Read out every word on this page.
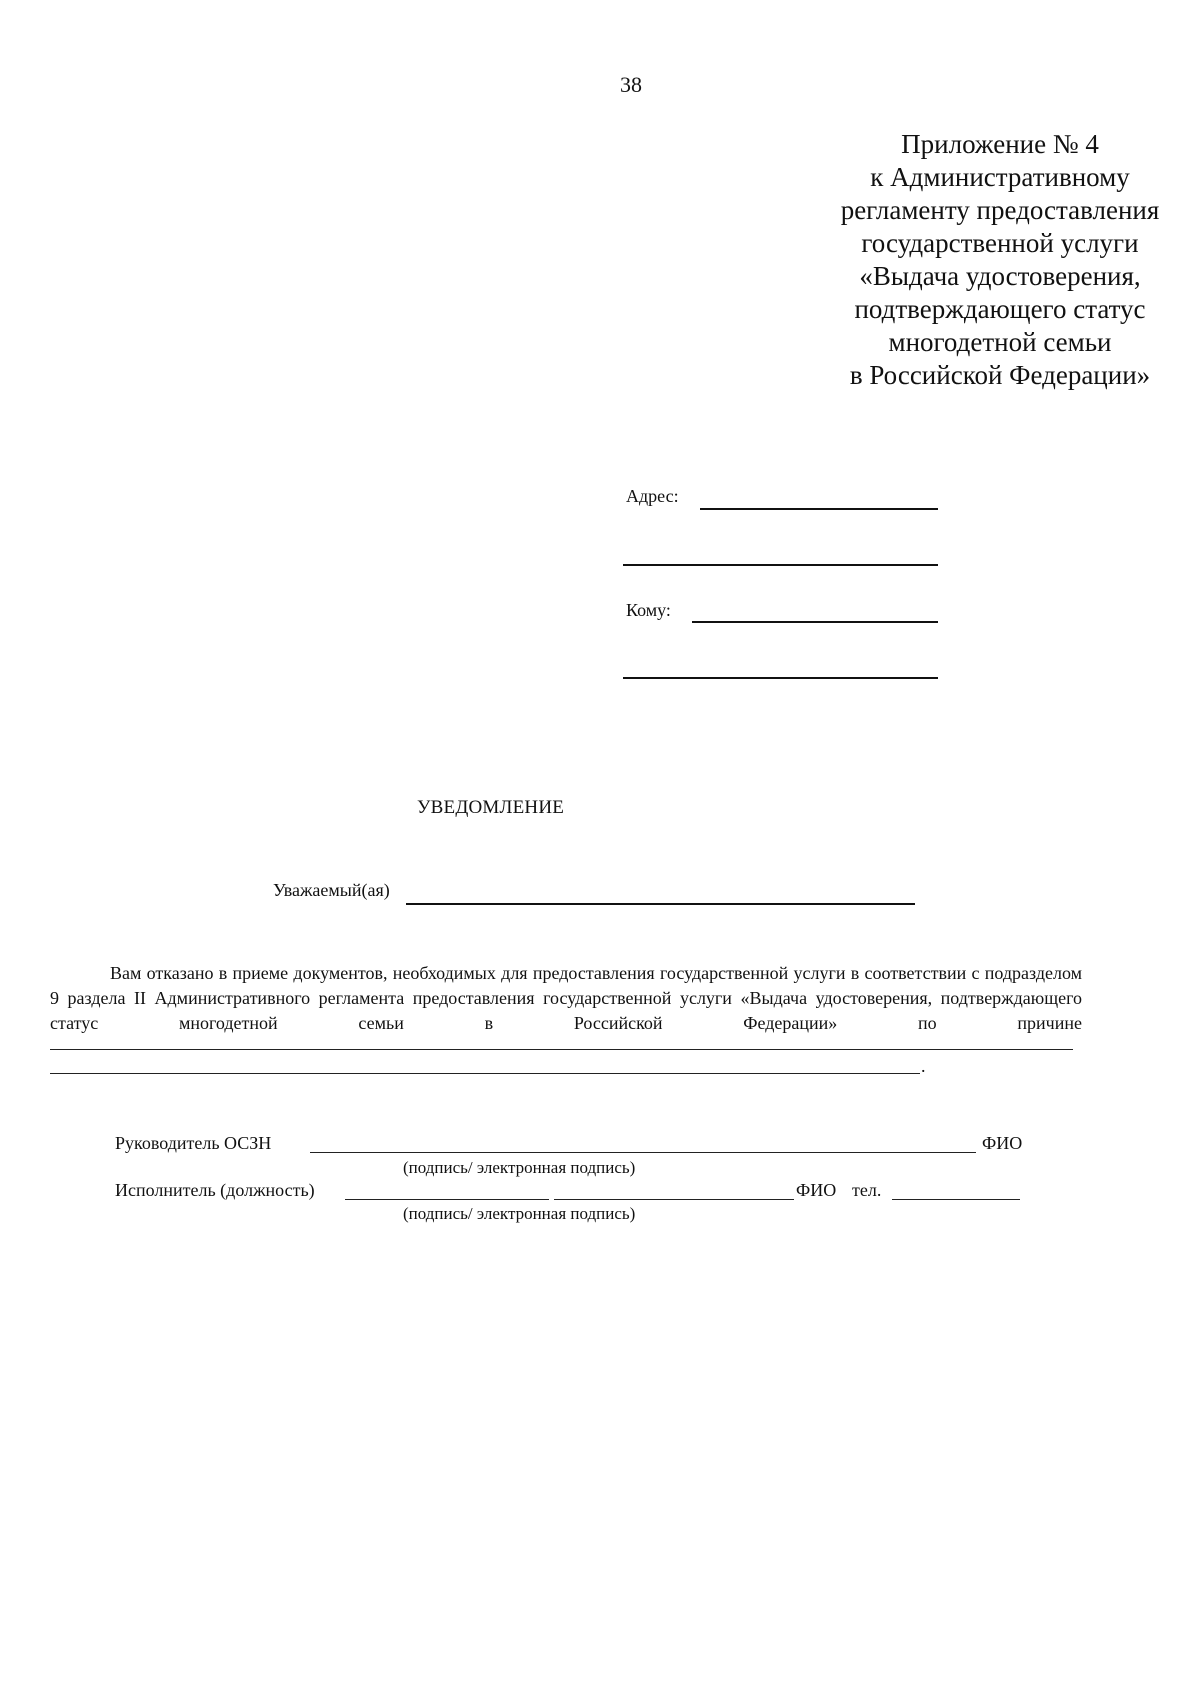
38
Приложение № 4
к Административному
регламенту предоставления
государственной услуги
«Выдача удостоверения,
подтверждающего статус
многодетной семьи
в Российской Федерации»
Адрес:
Кому:
УВЕДОМЛЕНИЕ
Уважаемый(ая)

Вам отказано в приеме документов, необходимых для предоставления государственной услуги в соответствии с подразделом 9 раздела II Административного регламента предоставления государственной услуги «Выдача удостоверения, подтверждающего статус многодетной семьи в Российской Федерации» по причине

.
Руководитель ОСЗН	ФИО
(подпись/ электронная подпись)
Исполнитель (должность)	ФИО тел.
(подпись/ электронная подпись)
